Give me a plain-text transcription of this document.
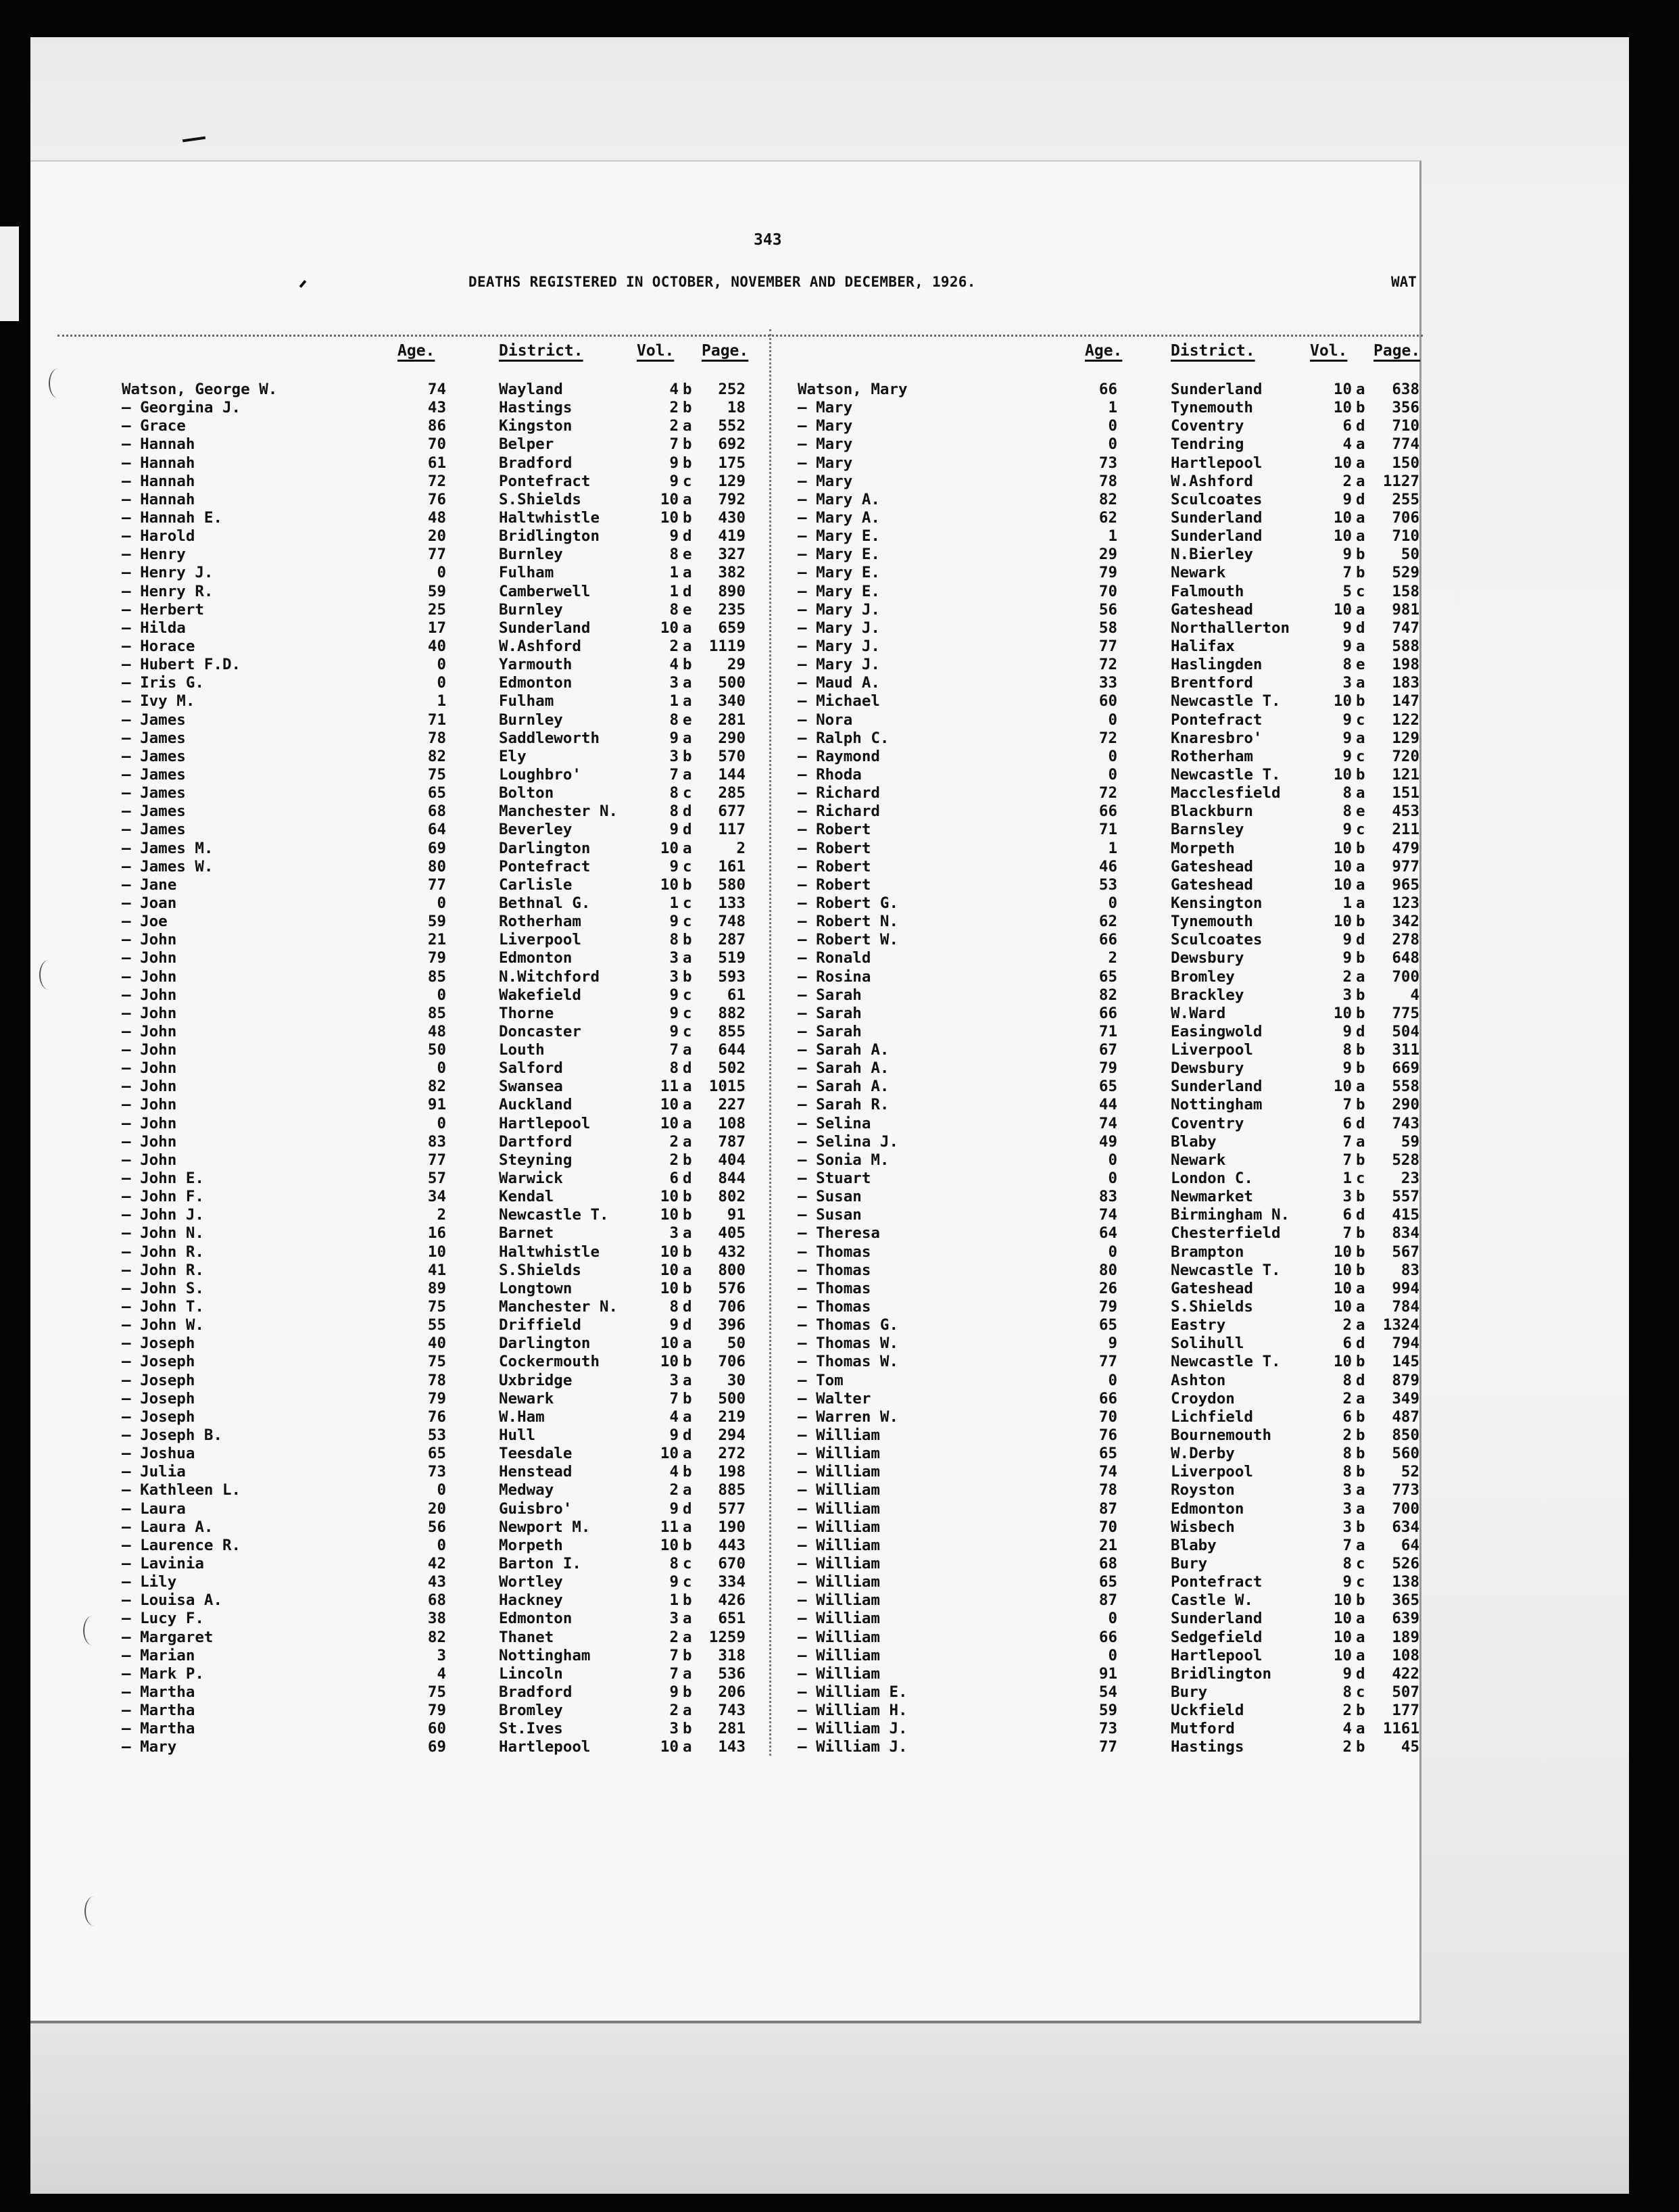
343
DEATHS REGISTERED IN OCTOBER, NOVEMBER AND DECEMBER, 1926.	WAT
Age.	District.	Vol. Page.	Age.	District.	Vol. Page.
Watson, George W.	74	Wayland	4 b	252
— Georgina J.	43	Hastings	2 b	18
— Grace	86	Kingston	2 a	552
— Hannah	70	Belper	7 b	692
— Hannah	61	Bradford	9 b	175
— Hannah	72	Pontefract	9 c	129
— Hannah	76	S.Shields	10 a	792
— Hannah E.	48	Haltwhistle	10 b	430
— Harold	20	Bridlington	9 d	419
— Henry	77	Burnley	8 e	327
— Henry J.	0	Fulham	1 a	382
— Henry R.	59	Camberwell	1 d	890
— Herbert	25	Burnley	8 e	235
— Hilda	17	Sunderland	10 a	659
— Horace	40	W.Ashford	2 a	1119
— Hubert F.D.	0	Yarmouth	4 b	29
— Iris G.	0	Edmonton	3 a	500
— Ivy M.	1	Fulham	1 a	340
— James	71	Burnley	8 e	281
— James	78	Saddleworth	9 a	290
— James	82	Ely	3 b	570
— James	75	Loughbro'	7 a	144
— James	65	Bolton	8 c	285
— James	68	Manchester N.	8 d	677
— James	64	Beverley	9 d	117
— James M.	69	Darlington	10 a	2
— James W.	80	Pontefract	9 c	161
— Jane	77	Carlisle	10 b	580
— Joan	0	Bethnal G.	1 c	133
— Joe	59	Rotherham	9 c	748
— John	21	Liverpool	8 b	287
— John	79	Edmonton	3 a	519
— John	85	N.Witchford	3 b	593
— John	0	Wakefield	9 c	61
— John	85	Thorne	9 c	882
— John	48	Doncaster	9 c	855
— John	50	Louth	7 a	644
— John	0	Salford	8 d	502
— John	82	Swansea	11 a	1015
— John	91	Auckland	10 a	227
— John	0	Hartlepool	10 a	108
— John	83	Dartford	2 a	787
— John	77	Steyning	2 b	404
— John E.	57	Warwick	6 d	844
— John F.	34	Kendal	10 b	802
— John J.	2	Newcastle T.	10 b	91
— John N.	16	Barnet	3 a	405
— John R.	10	Haltwhistle	10 b	432
— John R.	41	S.Shields	10 a	800
— John S.	89	Longtown	10 b	576
— John T.	75	Manchester N.	8 d	706
— John W.	55	Driffield	9 d	396
— Joseph	40	Darlington	10 a	50
— Joseph	75	Cockermouth	10 b	706
— Joseph	78	Uxbridge	3 a	30
— Joseph	79	Newark	7 b	500
— Joseph	76	W.Ham	4 a	219
— Joseph B.	53	Hull	9 d	294
— Joshua	65	Teesdale	10 a	272
— Julia	73	Henstead	4 b	198
— Kathleen L.	0	Medway	2 a	885
— Laura	20	Guisbro'	9 d	577
— Laura A.	56	Newport M.	11 a	190
— Laurence R.	0	Morpeth	10 b	443
— Lavinia	42	Barton I.	8 c	670
— Lily	43	Wortley	9 c	334
— Louisa A.	68	Hackney	1 b	426
— Lucy F.	38	Edmonton	3 a	651
— Margaret	82	Thanet	2 a	1259
— Marian	3	Nottingham	7 b	318
— Mark P.	4	Lincoln	7 a	536
— Martha	75	Bradford	9 b	206
— Martha	79	Bromley	2 a	743
— Martha	60	St.Ives	3 b	281
— Mary	69	Hartlepool	10 a	143
Watson, Mary	66	Sunderland	10 a	638
— Mary	1	Tynemouth	10 b	356
— Mary	0	Coventry	6 d	710
— Mary	0	Tendring	4 a	774
— Mary	73	Hartlepool	10 a	150
— Mary	78	W.Ashford	2 a	1127
— Mary A.	82	Sculcoates	9 d	255
— Mary A.	62	Sunderland	10 a	706
— Mary E.	1	Sunderland	10 a	710
— Mary E.	29	N.Bierley	9 b	50
— Mary E.	79	Newark	7 b	529
— Mary E.	70	Falmouth	5 c	158
— Mary J.	56	Gateshead	10 a	981
— Mary J.	58	Northallerton	9 d	747
— Mary J.	77	Halifax	9 a	588
— Mary J.	72	Haslingden	8 e	198
— Maud A.	33	Brentford	3 a	183
— Michael	60	Newcastle T.	10 b	147
— Nora	0	Pontefract	9 c	122
— Ralph C.	72	Knaresbro'	9 a	129
— Raymond	0	Rotherham	9 c	720
— Rhoda	0	Newcastle T.	10 b	121
— Richard	72	Macclesfield	8 a	151
— Richard	66	Blackburn	8 e	453
— Robert	71	Barnsley	9 c	211
— Robert	1	Morpeth	10 b	479
— Robert	46	Gateshead	10 a	977
— Robert	53	Gateshead	10 a	965
— Robert G.	0	Kensington	1 a	123
— Robert N.	62	Tynemouth	10 b	342
— Robert W.	66	Sculcoates	9 d	278
— Ronald	2	Dewsbury	9 b	648
— Rosina	65	Bromley	2 a	700
— Sarah	82	Brackley	3 b	4
— Sarah	66	W.Ward	10 b	775
— Sarah	71	Easingwold	9 d	504
— Sarah A.	67	Liverpool	8 b	311
— Sarah A.	79	Dewsbury	9 b	669
— Sarah A.	65	Sunderland	10 a	558
— Sarah R.	44	Nottingham	7 b	290
— Selina	74	Coventry	6 d	743
— Selina J.	49	Blaby	7 a	59
— Sonia M.	0	Newark	7 b	528
— Stuart	0	London C.	1 c	23
— Susan	83	Newmarket	3 b	557
— Susan	74	Birmingham N.	6 d	415
— Theresa	64	Chesterfield	7 b	834
— Thomas	0	Brampton	10 b	567
— Thomas	80	Newcastle T.	10 b	83
— Thomas	26	Gateshead	10 a	994
— Thomas	79	S.Shields	10 a	784
— Thomas G.	65	Eastry	2 a	1324
— Thomas W.	9	Solihull	6 d	794
— Thomas W.	77	Newcastle T.	10 b	145
— Tom	0	Ashton	8 d	879
— Walter	66	Croydon	2 a	349
— Warren W.	70	Lichfield	6 b	487
— William	76	Bournemouth	2 b	850
— William	65	W.Derby	8 b	560
— William	74	Liverpool	8 b	52
— William	78	Royston	3 a	773
— William	87	Edmonton	3 a	700
— William	70	Wisbech	3 b	634
— William	21	Blaby	7 a	64
— William	68	Bury	8 c	526
— William	65	Pontefract	9 c	138
— William	87	Castle W.	10 b	365
— William	0	Sunderland	10 a	639
— William	66	Sedgefield	10 a	189
— William	0	Hartlepool	10 a	108
— William	91	Bridlington	9 d	422
— William E.	54	Bury	8 c	507
— William H.	59	Uckfield	2 b	177
— William J.	73	Mutford	4 a	1161
— William J.	77	Hastings	2 b	45
